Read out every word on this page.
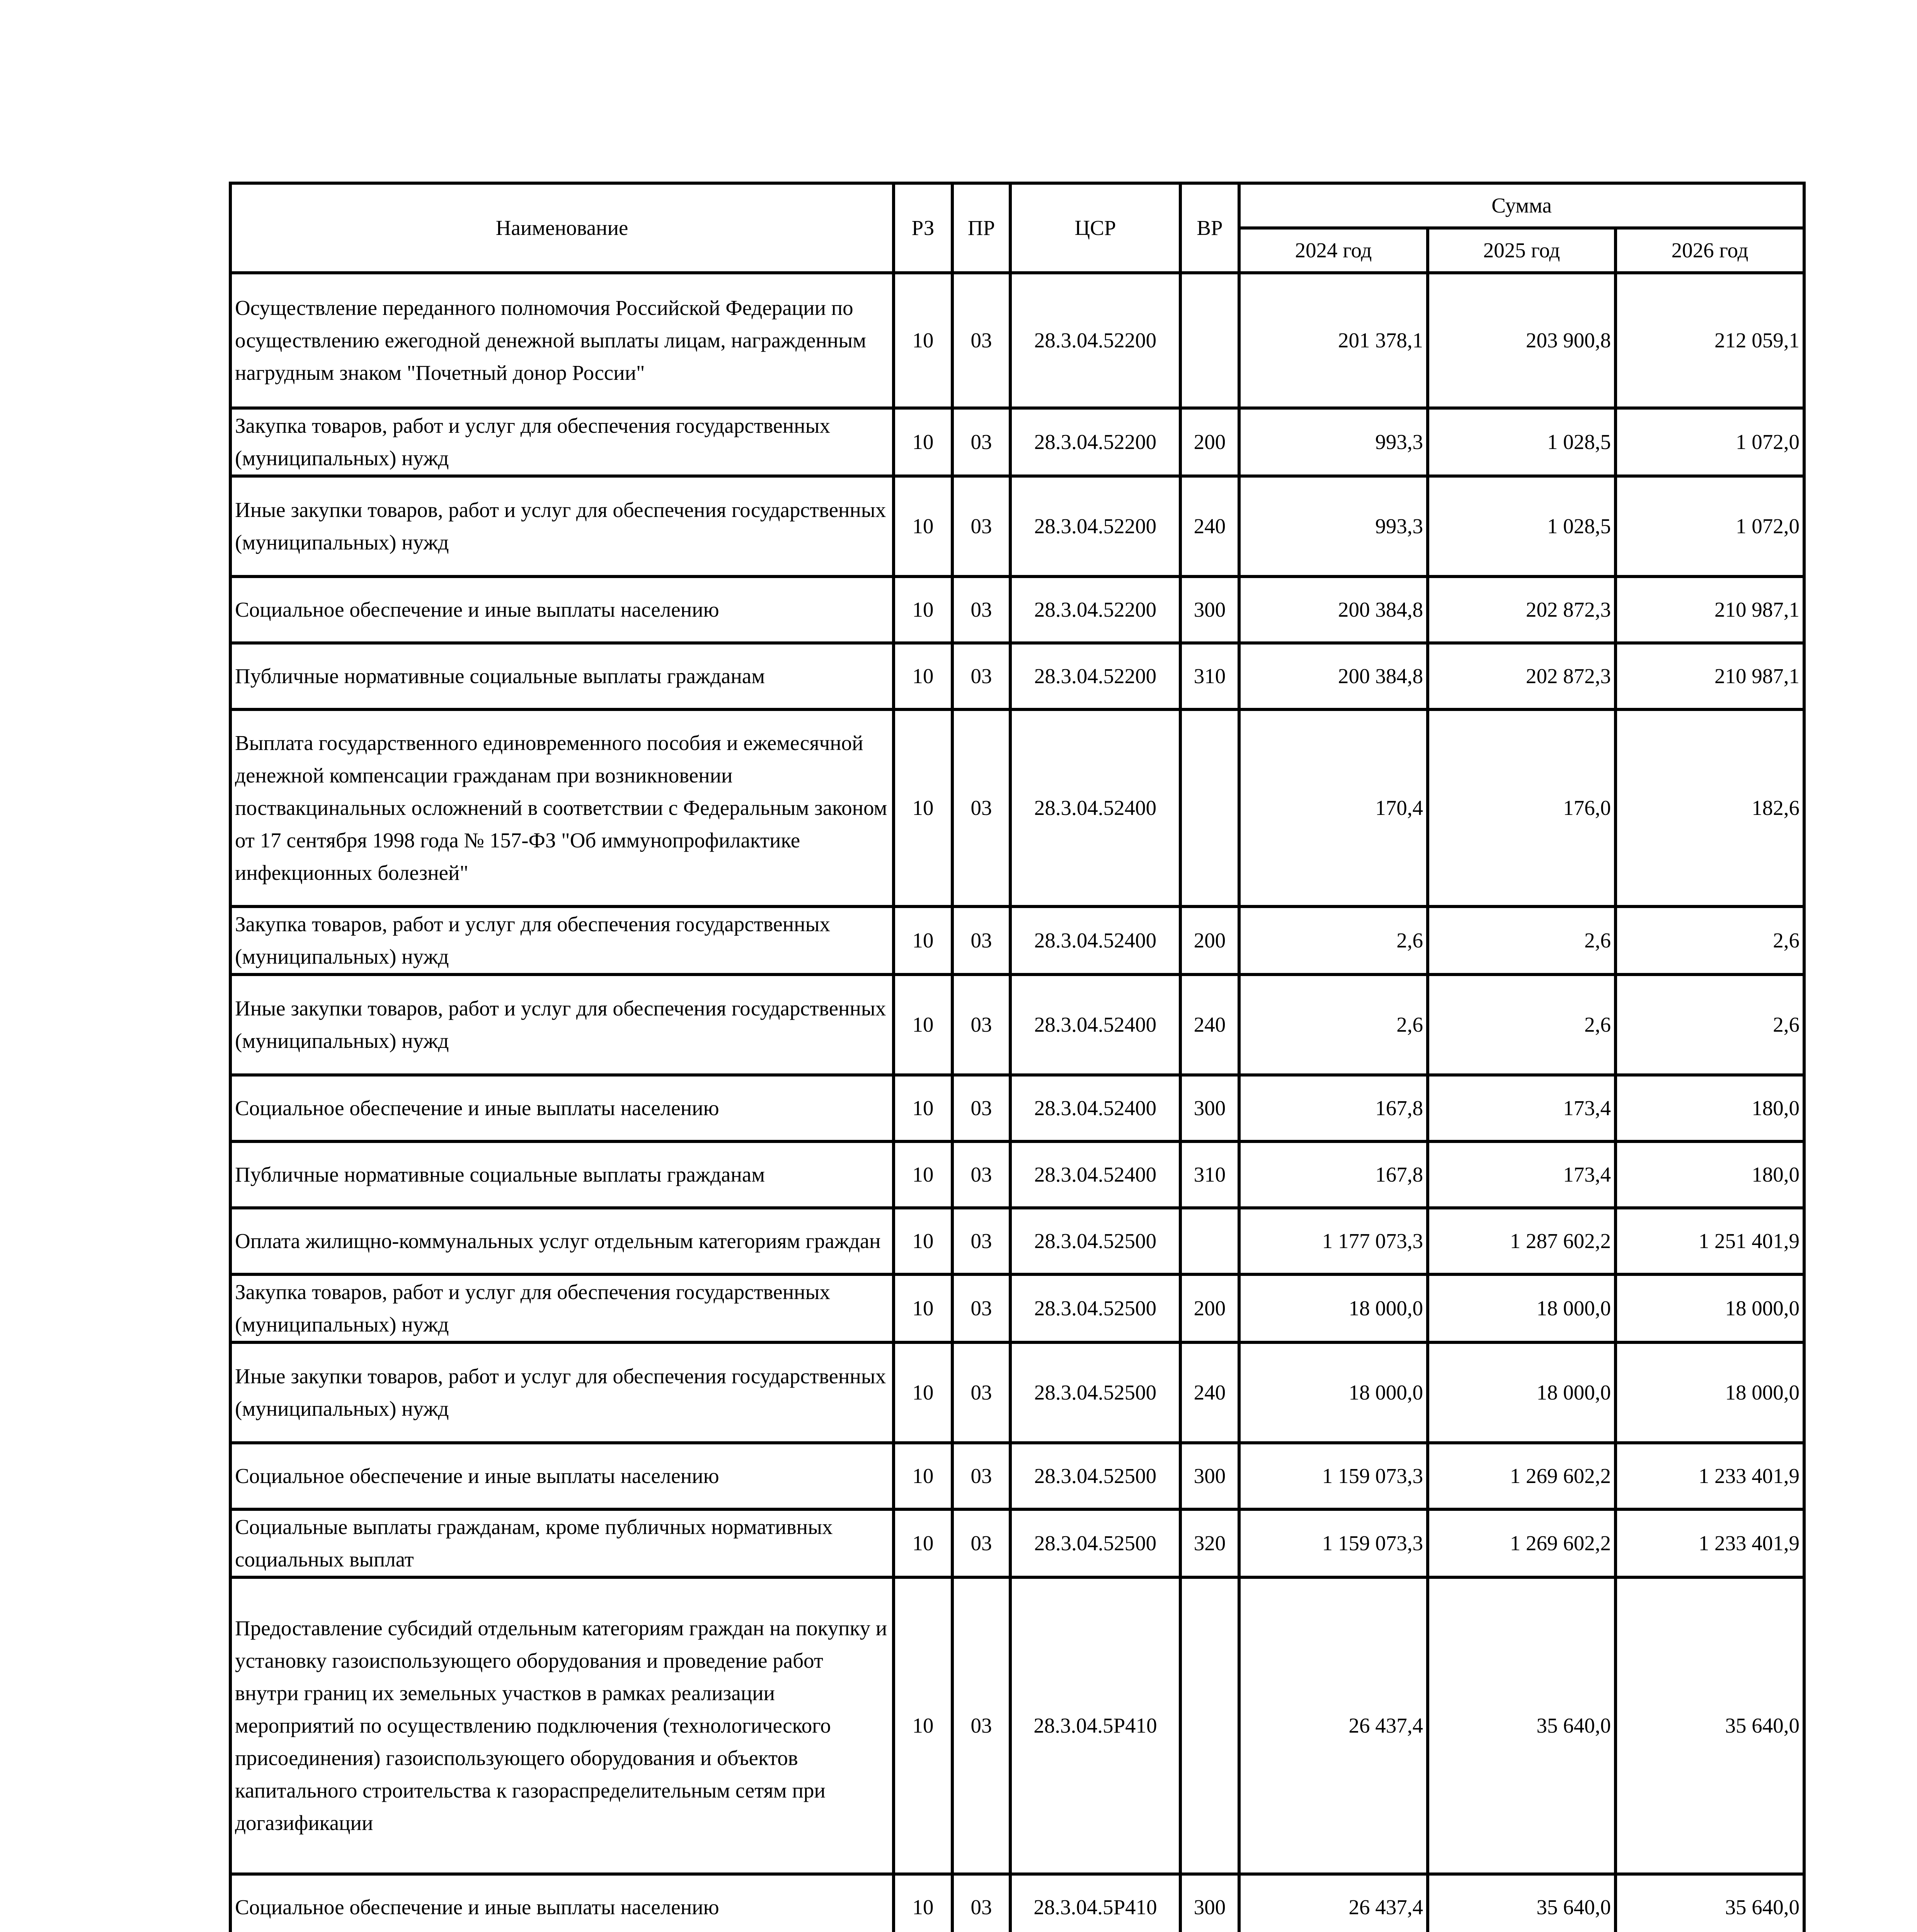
Наименование	РЗ	ПР	ЦСР	ВР	Сумма		
					2024 год	2025 год	2026 год
Осуществление переданного полномочия Российской Федерации по осуществлению ежегодной денежной выплаты лицам, награжденным нагрудным знаком "Почетный донор России"	10	03	28.3.04.52200		201 378,1	203 900,8	212 059,1
Закупка товаров, работ и услуг для обеспечения государственных (муниципальных) нужд	10	03	28.3.04.52200	200	993,3	1 028,5	1 072,0
Иные закупки товаров, работ и услуг для обеспечения государственных (муниципальных) нужд	10	03	28.3.04.52200	240	993,3	1 028,5	1 072,0
Социальное обеспечение и иные выплаты населению	10	03	28.3.04.52200	300	200 384,8	202 872,3	210 987,1
Публичные нормативные социальные выплаты гражданам	10	03	28.3.04.52200	310	200 384,8	202 872,3	210 987,1
Выплата государственного единовременного пособия и ежемесячной денежной компенсации гражданам при возникновении поствакцинальных осложнений в соответствии с Федеральным законом от 17 сентября 1998 года № 157-ФЗ "Об иммунопрофилактике инфекционных болезней"	10	03	28.3.04.52400		170,4	176,0	182,6
Закупка товаров, работ и услуг для обеспечения государственных (муниципальных) нужд	10	03	28.3.04.52400	200	2,6	2,6	2,6
Иные закупки товаров, работ и услуг для обеспечения государственных (муниципальных) нужд	10	03	28.3.04.52400	240	2,6	2,6	2,6
Социальное обеспечение и иные выплаты населению	10	03	28.3.04.52400	300	167,8	173,4	180,0
Публичные нормативные социальные выплаты гражданам	10	03	28.3.04.52400	310	167,8	173,4	180,0
Оплата жилищно-коммунальных услуг отдельным категориям граждан	10	03	28.3.04.52500		1 177 073,3	1 287 602,2	1 251 401,9
Закупка товаров, работ и услуг для обеспечения государственных (муниципальных) нужд	10	03	28.3.04.52500	200	18 000,0	18 000,0	18 000,0
Иные закупки товаров, работ и услуг для обеспечения государственных (муниципальных) нужд	10	03	28.3.04.52500	240	18 000,0	18 000,0	18 000,0
Социальное обеспечение и иные выплаты населению	10	03	28.3.04.52500	300	1 159 073,3	1 269 602,2	1 233 401,9
Социальные выплаты гражданам, кроме публичных нормативных социальных выплат	10	03	28.3.04.52500	320	1 159 073,3	1 269 602,2	1 233 401,9
Предоставление субсидий отдельным категориям граждан на покупку и установку газоиспользующего оборудования и проведение работ внутри границ их земельных участков в рамках реализации мероприятий по осуществлению подключения (технологического присоединения) газоиспользующего оборудования и объектов капитального строительства к газораспределительным сетям при догазификации	10	03	28.3.04.5P410		26 437,4	35 640,0	35 640,0
Социальное обеспечение и иные выплаты населению	10	03	28.3.04.5P410	300	26 437,4	35 640,0	35 640,0
